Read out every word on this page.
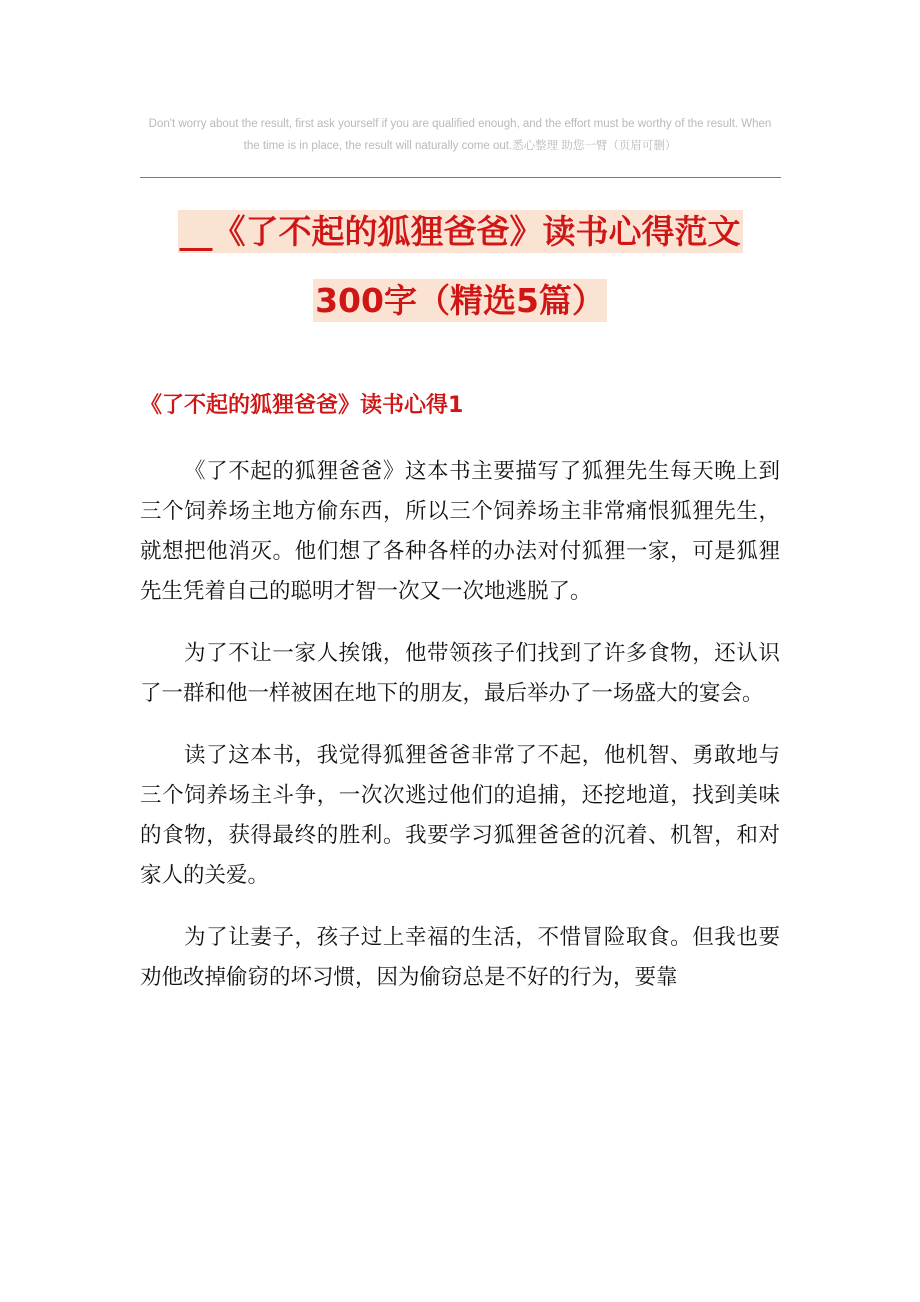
Don't worry about the result, first ask yourself if you are qualified enough, and the effort must be worthy of the result. When the time is in place, the result will naturally come out.悉心整理 助您一臂（页眉可删）
__《了不起的狐狸爸爸》读书心得范文
300字（精选5篇）
《了不起的狐狸爸爸》读书心得1

《了不起的狐狸爸爸》这本书主要描写了狐狸先生每天晚上到三个饲养场主地方偷东西，所以三个饲养场主非常痛恨狐狸先生，就想把他消灭。他们想了各种各样的办法对付狐狸一家，可是狐狸先生凭着自己的聪明才智一次又一次地逃脱了。

为了不让一家人挨饿，他带领孩子们找到了许多食物，还认识了一群和他一样被困在地下的朋友，最后举办了一场盛大的宴会。

读了这本书，我觉得狐狸爸爸非常了不起，他机智、勇敢地与三个饲养场主斗争，一次次逃过他们的追捕，还挖地道，找到美味的食物，获得最终的胜利。我要学习狐狸爸爸的沉着、机智，和对家人的关爱。

为了让妻子，孩子过上幸福的生活，不惜冒险取食。但我也要劝他改掉偷窃的坏习惯，因为偷窃总是不好的行为，要靠
